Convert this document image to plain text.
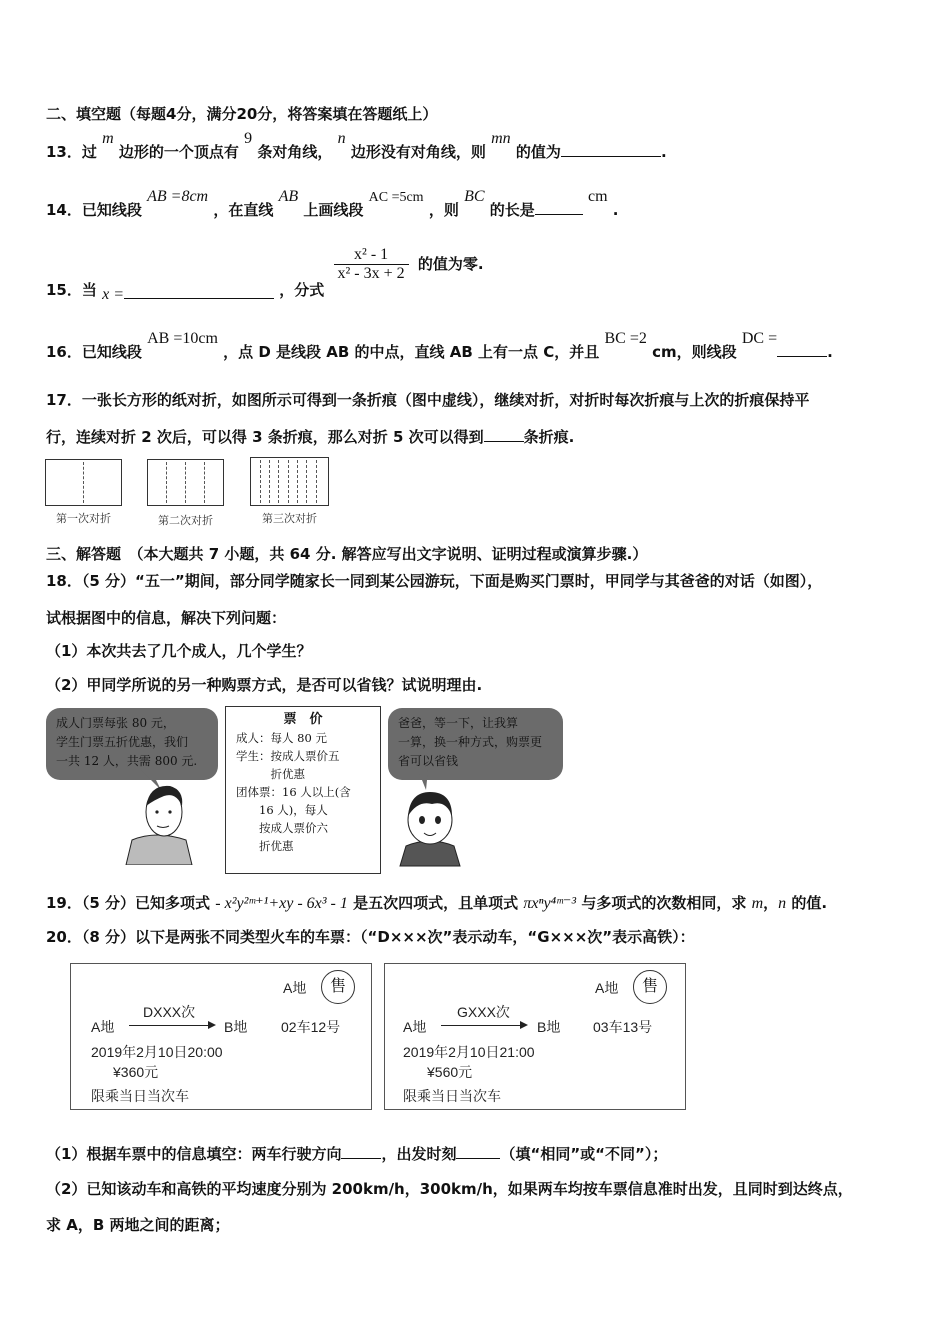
二、填空题（每题4分，满分20分，将答案填在答题纸上）
13．过 m 边形的一个顶点有 9 条对角线， n 边形没有对角线，则 mn 的值为	.
14．已知线段 AB =8cm ，在直线 AB 上画线段 AC =5cm ，则 BC 的长是 cm .
15．当 x =	，分式
$\frac{\text{x² - 1}}{\text{x² - 3x + 2}}$ 的值为零.
16．已知线段 AB =10cm ，点 D 是线段 AB 的中点，直线 AB 上有一点 C，并且 BC =2 cm，则线段 DC =.
17．一张长方形的纸对折，如图所示可得到一条折痕（图中虚线），继续对折，对折时每次折痕与上次的折痕保持平
行，连续对折 2 次后，可以得 3 条折痕，那么对折 5 次可以得到	条折痕.
第一次对折	第二次对折	第三次对折
三、解答题　（本大题共 7 小题，共 64 分. 解答应写出文字说明、证明过程或演算步骤.）
18．（5 分）“五一”期间，部分同学随家长一同到某公园游玩，下面是购买门票时，甲同学与其爸爸的对话（如图），
试根据图中的信息，解决下列问题：
（1）本次共去了几个成人，几个学生？
（2）甲同学所说的另一种购票方式，是否可以省钱？试说明理由.
成人门票每张 80 元，
学生门票五折优惠，我们
一共 12 人，共需 800 元.
票　价
成人：每人 80 元
学生：按成人票价五
　　　折优惠
团体票：16 人以上(含
　　16 人)，每人
　　按成人票价六
　　折优惠
爸爸，等一下，让我算
一算，换一种方式，购票更
省可以省钱
19．（5 分）已知多项式 - x²y²ᵐ⁺¹+xy - 6x³ - 1 是五次四项式，且单项式 πxⁿy⁴ᵐ⁻³ 与多项式的次数相同，求 m，n 的值.
20．（8 分）以下是两张不同类型火车的车票：（“D×××次”表示动车，“G×××次”表示高铁）：
A地	售
DXXX次
A地	B地 02车12号
2019年2月10日20:00
¥360元
限乘当日当次车
A地	售
GXXX次
A地	B地 03车13号
2019年2月10日21:00
¥560元
限乘当日当次车
（1）根据车票中的信息填空：两车行驶方向	，出发时刻	（填“相同”或“不同”）；
（2）已知该动车和高铁的平均速度分别为 200km/h，300km/h，如果两车均按车票信息准时出发，且同时到达终点，
求 A，B 两地之间的距离；
